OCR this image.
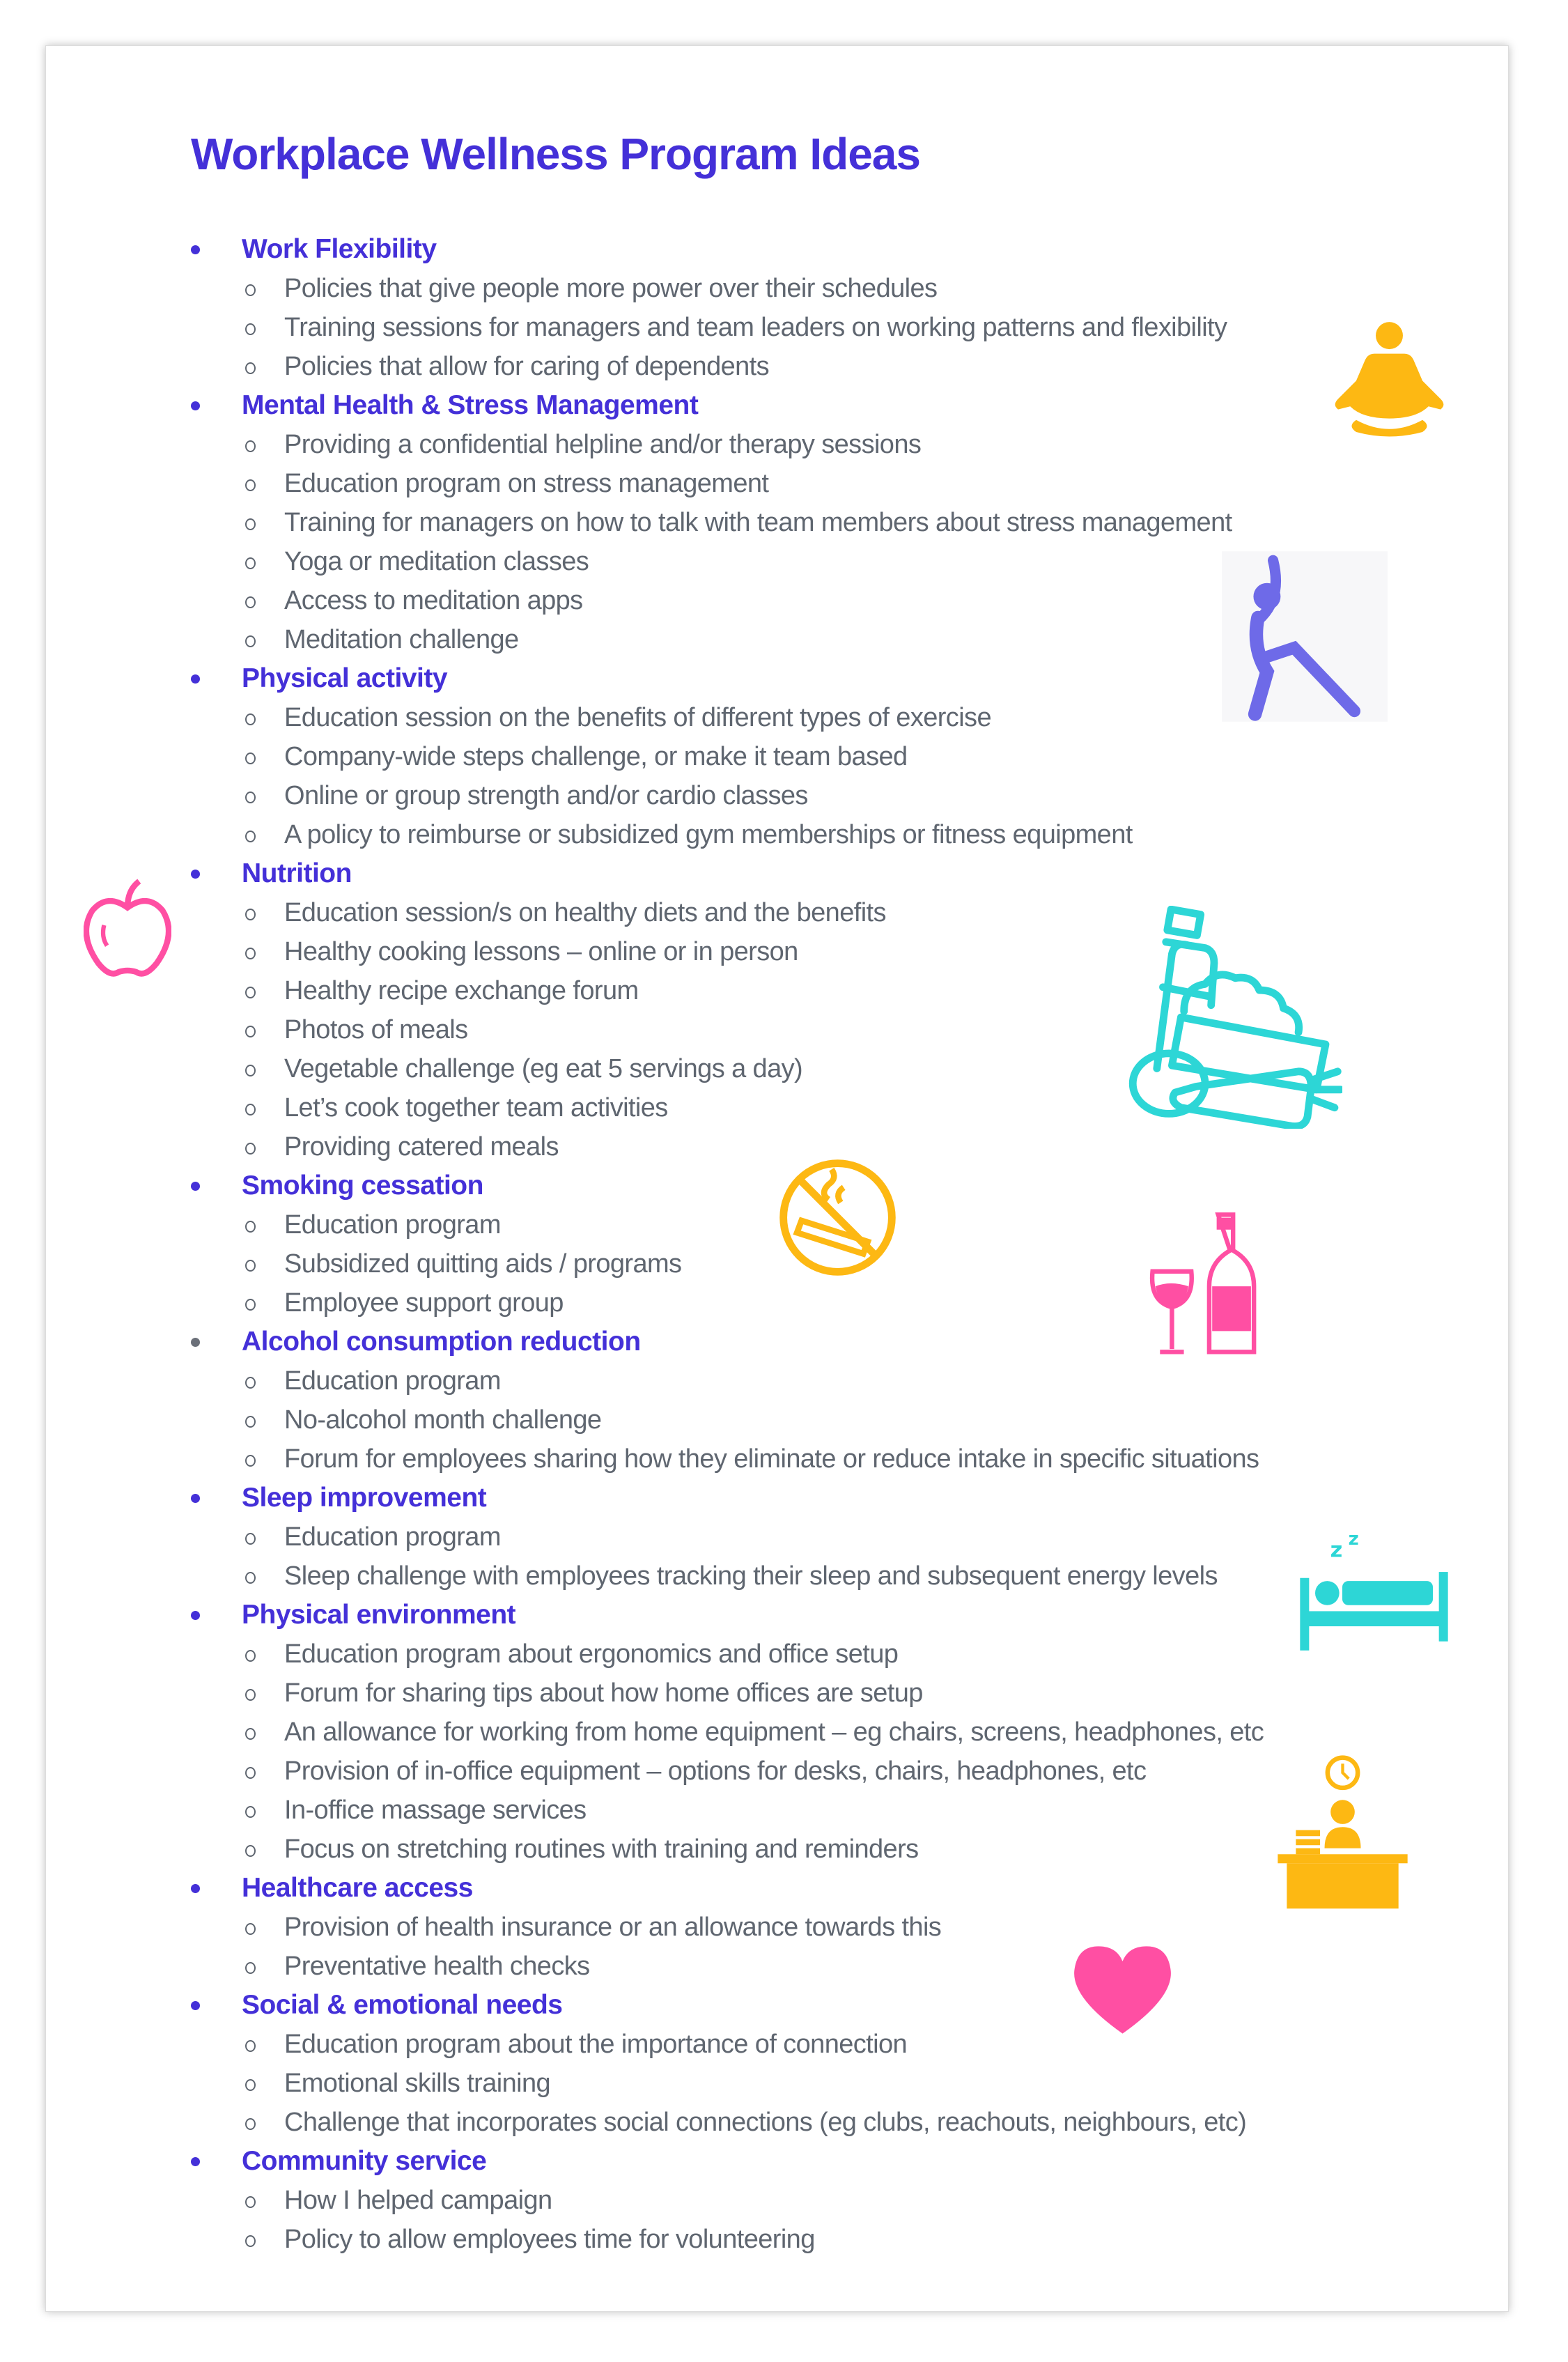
Workplace Wellness Program Ideas
Work Flexibility
Policies that give people more power over their schedules
Training sessions for managers and team leaders on working patterns and flexibility
Policies that allow for caring of dependents
Mental Health & Stress Management
Providing a confidential helpline and/or therapy sessions
Education program on stress management
Training for managers on how to talk with team members about stress management
Yoga or meditation classes
Access to meditation apps
Meditation challenge
Physical activity
Education session on the benefits of different types of exercise
Company-wide steps challenge, or make it team based
Online or group strength and/or cardio classes
A policy to reimburse or subsidized gym memberships or fitness equipment
Nutrition
Education session/s on healthy diets and the benefits
Healthy cooking lessons – online or in person
Healthy recipe exchange forum
Photos of meals
Vegetable challenge (eg eat 5 servings a day)
Let’s cook together team activities
Providing catered meals
Smoking cessation
Education program
Subsidized quitting aids / programs
Employee support group
Alcohol consumption reduction
Education program
No-alcohol month challenge
Forum for employees sharing how they eliminate or reduce intake in specific situations
Sleep improvement
Education program
Sleep challenge with employees tracking their sleep and subsequent energy levels
Physical environment
Education program about ergonomics and office setup
Forum for sharing tips about how home offices are setup
An allowance for working from home equipment – eg chairs, screens, headphones, etc
Provision of in-office equipment – options for desks, chairs, headphones, etc
In-office massage services
Focus on stretching routines with training and reminders
Healthcare access
Provision of health insurance or an allowance towards this
Preventative health checks
Social & emotional needs
Education program about the importance of connection
Emotional skills training
Challenge that incorporates social connections (eg clubs, reachouts, neighbours, etc)
Community service
How I helped campaign
Policy to allow employees time for volunteering
z z
